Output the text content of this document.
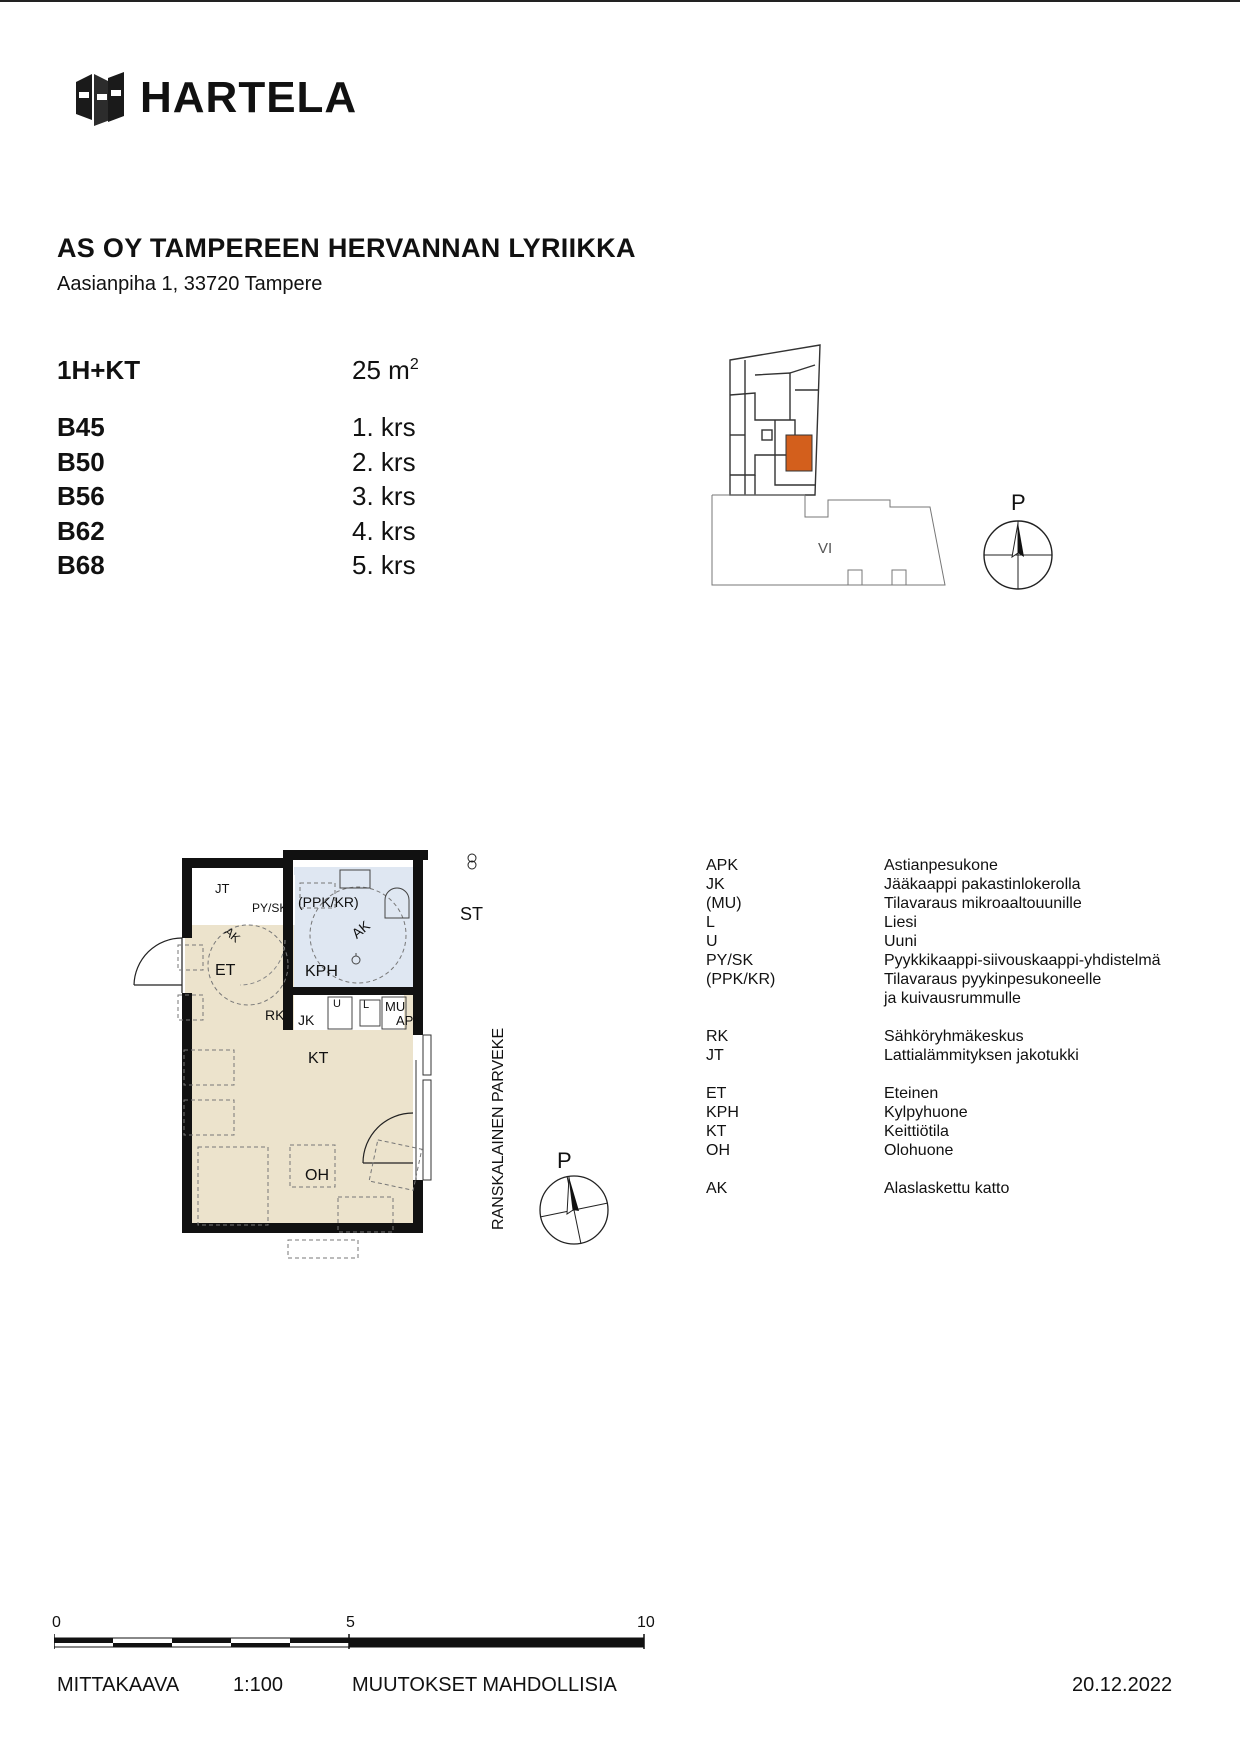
HARTELA
AS OY TAMPEREEN HERVANNAN LYRIIKKA
Aasianpiha 1, 33720 Tampere
1H+KT	25 $m^2$
B45	1. krs
B50	2. krs
B56	3. krs
B62	4. krs
B68	5. krs
VI
P
JT
PY/SK (PPK/KR)
AK	AK
ET	KPH
RK JK
U L MU
APK
KT
OH
ST
RANSKALAINEN PARVEKE P
APK	Astianpesukone
JK	Jääkaappi pakastinlokerolla
(MU)	Tilavaraus mikroaaltouunille
L	Liesi
U	Uuni
PY/SK	Pyykkikaappi-siivouskaappi-yhdistelmä
(PPK/KR)	Tilavaraus pyykinpesukoneelle
ja kuivausrummulle
RK	Sähköryhmäkeskus
JT	Lattialämmityksen jakotukki
ET	Eteinen
KPH	Kylpyhuone
KT	Keittiötila
OH	Olohuone
AK	Alaslaskettu katto
0	5	10
MITTAKAAVA	1:100	MUUTOKSET MAHDOLLISIA	20.12.2022
